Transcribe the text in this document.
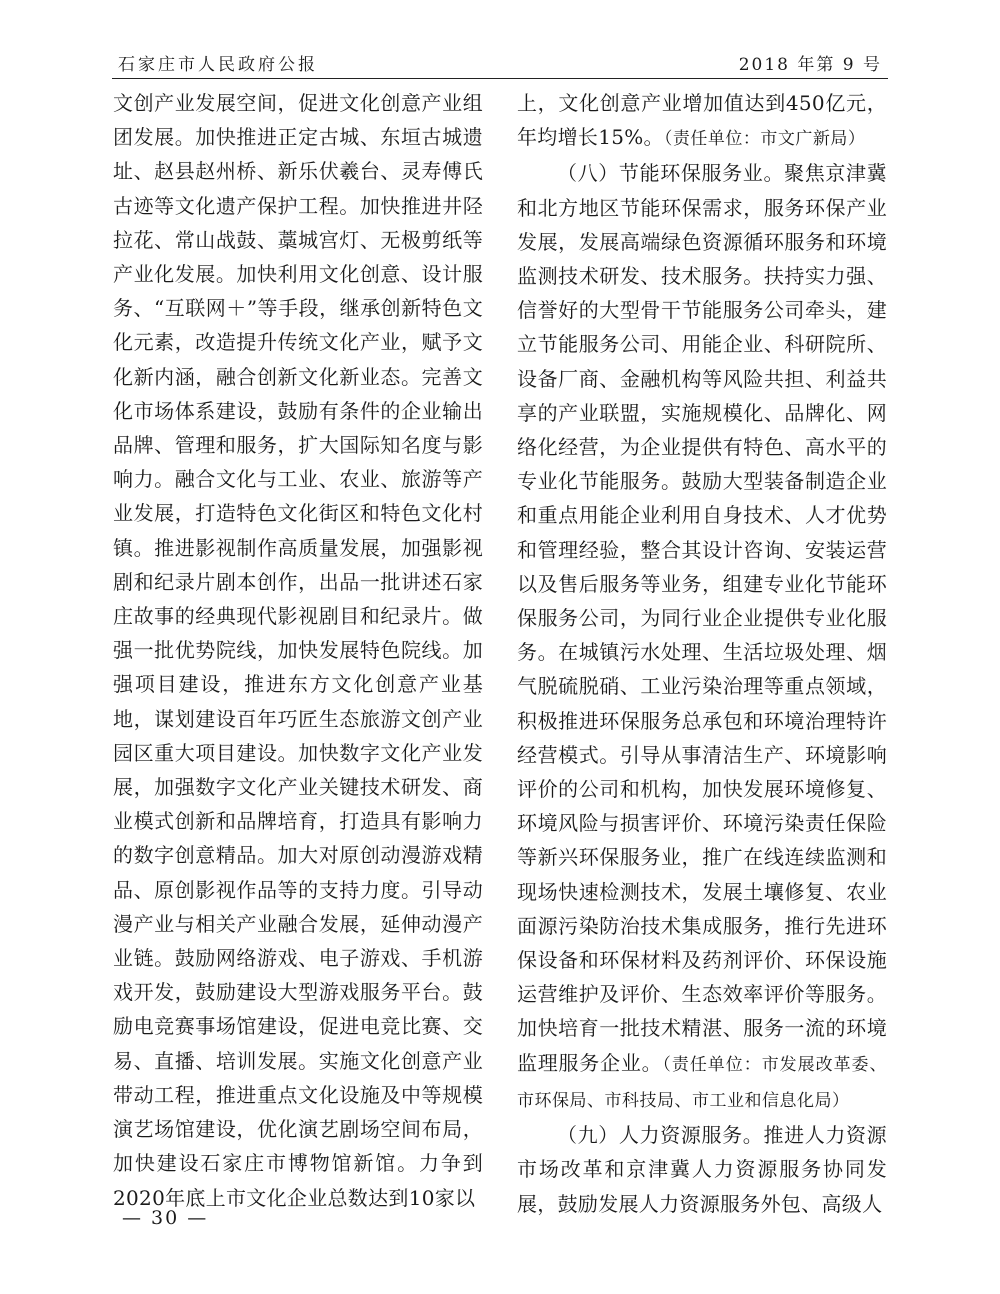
石家庄市人民政府公报	2018 年第 9 号

文创产业发展空间，促进文化创意产业组团发展。加快推进正定古城、东垣古城遗址、赵县赵州桥、新乐伏羲台、灵寿傅氏古迹等文化遗产保护工程。加快推进井陉拉花、常山战鼓、藁城宫灯、无极剪纸等产业化发展。加快利用文化创意、设计服务、“互联网＋”等手段，继承创新特色文化元素，改造提升传统文化产业，赋予文化新内涵，融合创新文化新业态。完善文化市场体系建设，鼓励有条件的企业输出品牌、管理和服务，扩大国际知名度与影响力。融合文化与工业、农业、旅游等产业发展，打造特色文化街区和特色文化村镇。推进影视制作高质量发展，加强影视剧和纪录片剧本创作，出品一批讲述石家庄故事的经典现代影视剧目和纪录片。做强一批优势院线，加快发展特色院线。加强项目建设，推进东方文化创意产业基地，谋划建设百年巧匠生态旅游文创产业园区重大项目建设。加快数字文化产业发展，加强数字文化产业关键技术研发、商业模式创新和品牌培育，打造具有影响力的数字创意精品。加大对原创动漫游戏精品、原创影视作品等的支持力度。引导动漫产业与相关产业融合发展，延伸动漫产业链。鼓励网络游戏、电子游戏、手机游戏开发，鼓励建设大型游戏服务平台。鼓励电竞赛事场馆建设，促进电竞比赛、交易、直播、培训发展。实施文化创意产业带动工程，推进重点文化设施及中等规模演艺场馆建设，优化演艺剧场空间布局，加快建设石家庄市博物馆新馆。力争到2020年底上市文化企业总数达到10家以

上，文化创意产业增加值达到450亿元，年均增长15%。（责任单位：市文广新局）

（八）节能环保服务业。聚焦京津冀和北方地区节能环保需求，服务环保产业发展，发展高端绿色资源循环服务和环境监测技术研发、技术服务。扶持实力强、信誉好的大型骨干节能服务公司牵头，建立节能服务公司、用能企业、科研院所、设备厂商、金融机构等风险共担、利益共享的产业联盟，实施规模化、品牌化、网络化经营，为企业提供有特色、高水平的专业化节能服务。鼓励大型装备制造企业和重点用能企业利用自身技术、人才优势和管理经验，整合其设计咨询、安装运营以及售后服务等业务，组建专业化节能环保服务公司，为同行业企业提供专业化服务。在城镇污水处理、生活垃圾处理、烟气脱硫脱硝、工业污染治理等重点领域，积极推进环保服务总承包和环境治理特许经营模式。引导从事清洁生产、环境影响评价的公司和机构，加快发展环境修复、环境风险与损害评价、环境污染责任保险等新兴环保服务业，推广在线连续监测和现场快速检测技术，发展土壤修复、农业面源污染防治技术集成服务，推行先进环保设备和环保材料及药剂评价、环保设施运营维护及评价、生态效率评价等服务。加快培育一批技术精湛、服务一流的环境监理服务企业。（责任单位：市发展改革委、市环保局、市科技局、市工业和信息化局）

（九）人力资源服务。推进人力资源市场改革和京津冀人力资源服务协同发展，鼓励发展人力资源服务外包、高级人

— 30 —
